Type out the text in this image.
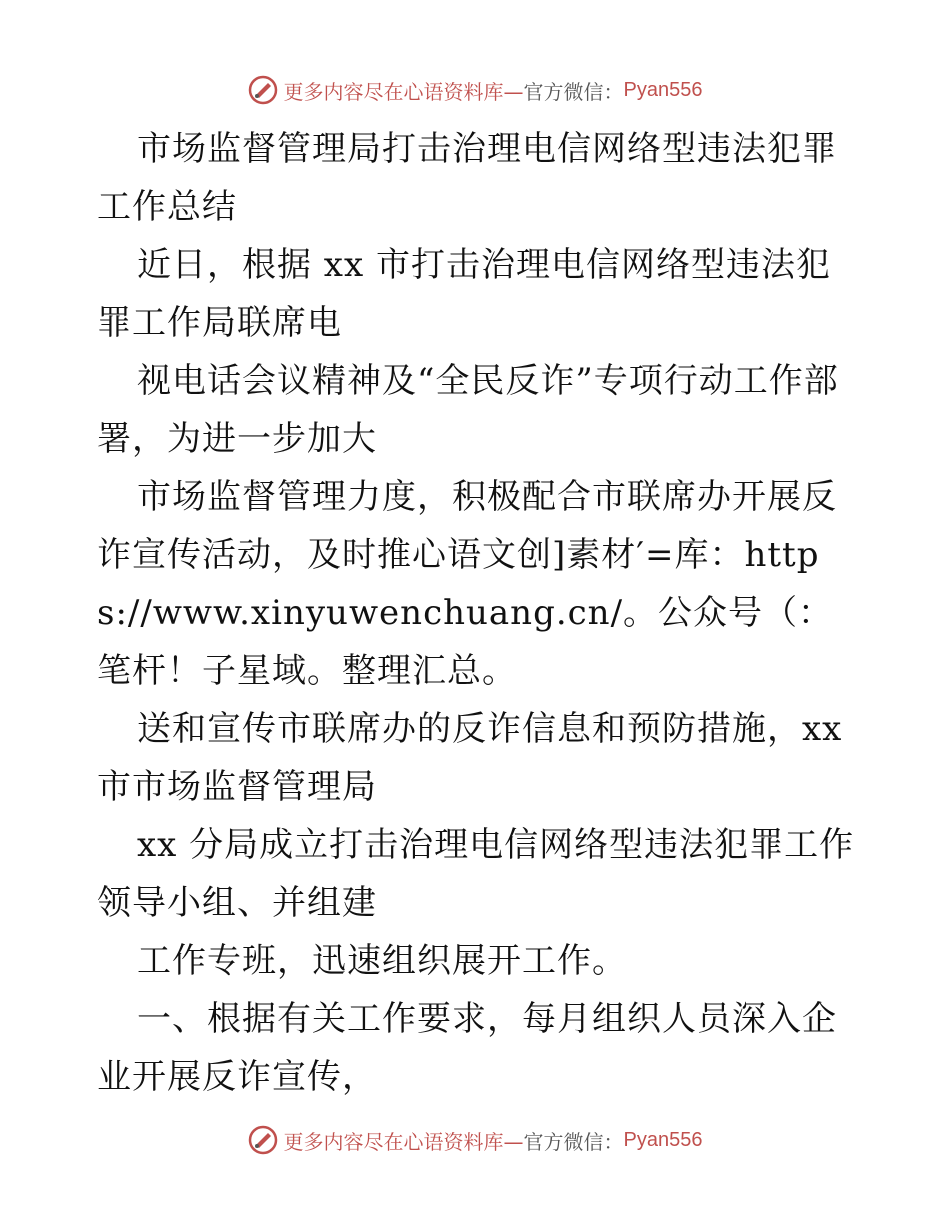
更多内容尽在心语资料库— 官方微信： Pyan556

市场监督管理局打击治理电信网络型违法犯罪工作总结

近日，根据 xx 市打击治理电信网络型违法犯罪工作局联席电

视电话会议精神及“全民反诈”专项行动工作部署，为进一步加大

市场监督管理力度，积极配合市联席办开展反诈宣传活动，及时推心语文创]素材′=库：https://www.xinyuwenchuang.cn/。公众号（：笔杆！子星域。整理汇总。

送和宣传市联席办的反诈信息和预防措施，xx 市市场监督管理局

xx 分局成立打击治理电信网络型违法犯罪工作领导小组、并组建

工作专班，迅速组织展开工作。

一、根据有关工作要求，每月组织人员深入企业开展反诈宣传，

更多内容尽在心语资料库— 官方微信： Pyan556
